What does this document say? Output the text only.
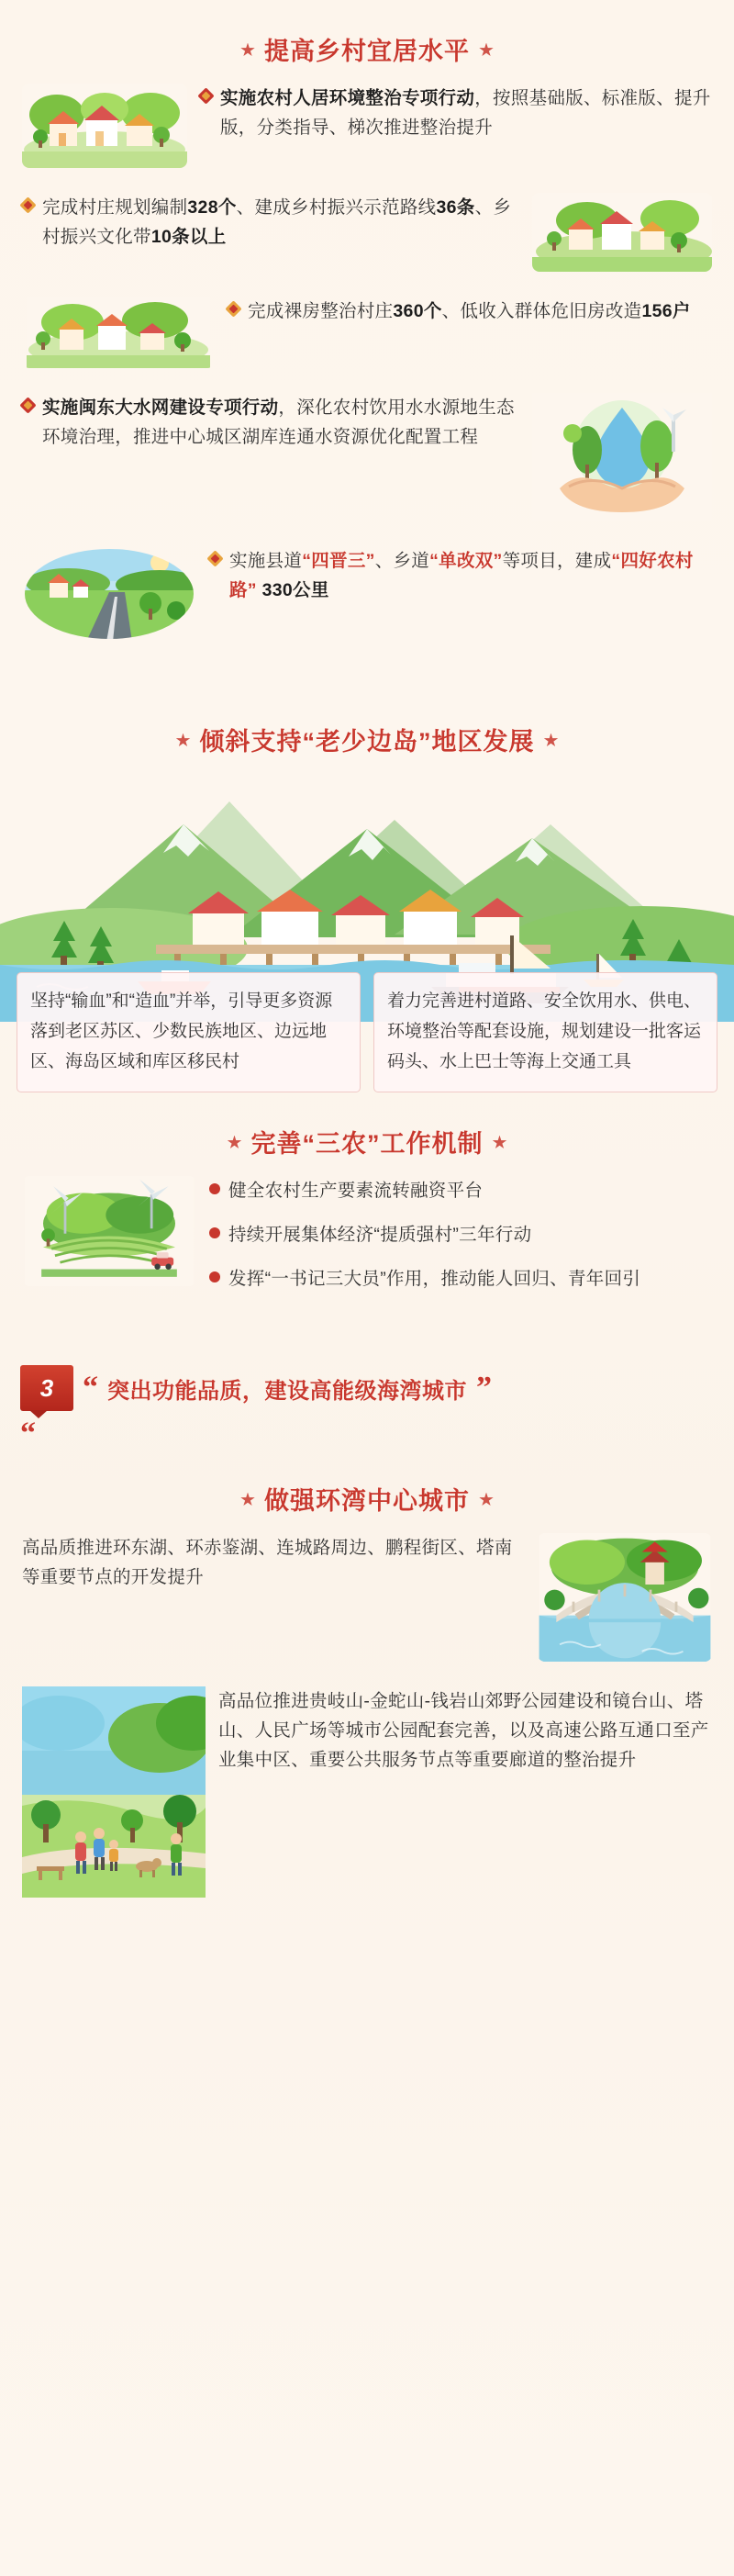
提高乡村宜居水平
实施农村人居环境整治专项行动，按照基础版、标准版、提升版，分类指导、梯次推进整治提升
完成村庄规划编制328个、建成乡村振兴示范路线36条、乡村振兴文化带10条以上
完成裸房整治村庄360个、低收入群体危旧房改造156户
实施闽东大水网建设专项行动，深化农村饮用水水源地生态环境治理，推进中心城区湖库连通水资源优化配置工程
实施县道“四晋三”、乡道“单改双”等项目，建成“四好农村路” 330公里
倾斜支持“老少边岛”地区发展
坚持“输血”和“造血”并举，引导更多资源落到老区苏区、少数民族地区、边远地区、海岛区域和库区移民村
着力完善进村道路、安全饮用水、供电、环境整治等配套设施，规划建设一批客运码头、水上巴士等海上交通工具
完善“三农”工作机制
健全农村生产要素流转融资平台
持续开展集体经济“提质强村”三年行动
发挥“一书记三大员”作用，推动能人回归、青年回引
3 “ 突出功能品质，建设高能级海湾城市 ”
“
做强环湾中心城市
高品质推进环东湖、环赤鉴湖、连城路周边、鹏程街区、塔南等重要节点的开发提升
高品位推进贵岐山-金蛇山-钱岩山郊野公园建设和镜台山、塔山、人民广场等城市公园配套完善，以及高速公路互通口至产业集中区、重要公共服务节点等重要廊道的整治提升
